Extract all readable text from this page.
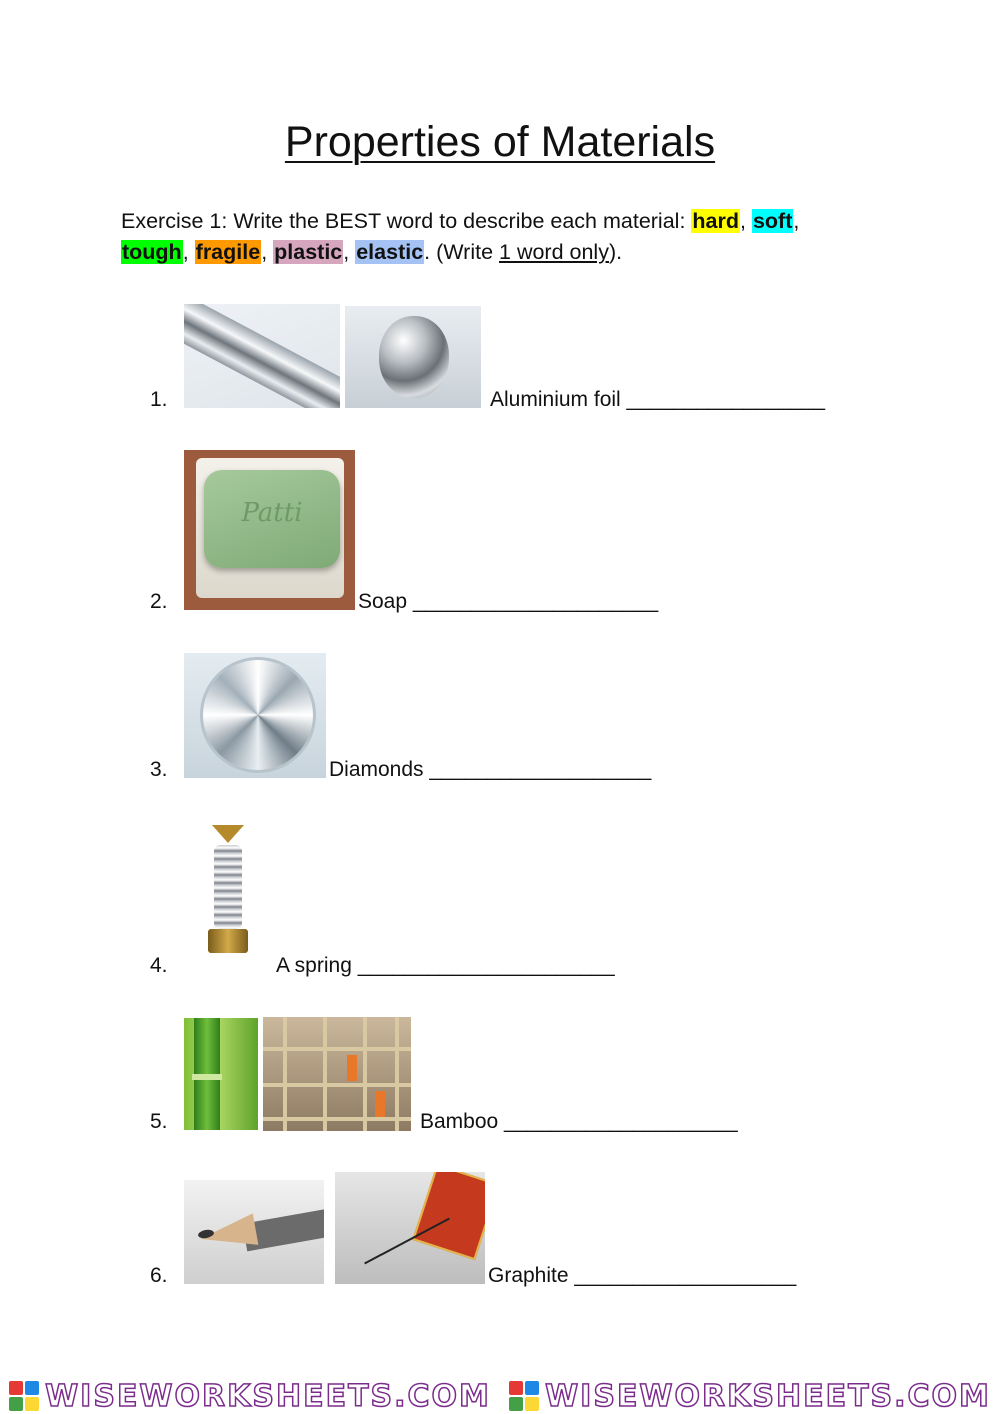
Properties of Materials
Exercise 1: Write the BEST word to describe each material: hard, soft,
tough, fragile, plastic, elastic. (Write 1 word only).
1.	Aluminium foil _________________
2.
Patti
Soap _____________________
3.	Diamonds ___________________
4.	A spring ______________________
5.	Bamboo ____________________
6.	Graphite ___________________
WISEWORKSHEETS.COM WISEWORKSHEETS.COM
